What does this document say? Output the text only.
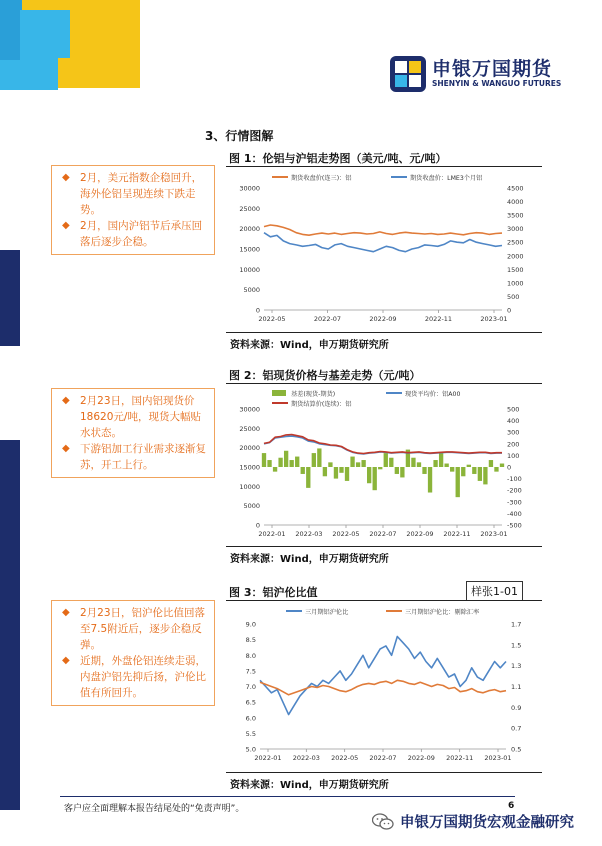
申银万国期货
SHENYIN & WANGUO FUTURES
3、行情图解
◆ 2月，美元指数企稳回升，海外伦铝呈现连续下跌走势。
◆ 2月，国内沪铝节后承压回落后逐步企稳。
图 1：伦铝与沪铝走势图（美元/吨、元/吨）
期货收盘价(连三)：铝	期货收盘价：LME3个月铝
30000
25000
20000
15000
10000
5000
0
4500
4000
3500
3000
2500
2000
1500
1000
500
0
2022-05	2022-07	2022-09	2022-11	2023-01
资料来源：Wind，申万期货研究所
◆ 2月23日，国内铝现货价18620元/吨，现货大幅贴水状态。
◆ 下游铝加工行业需求逐渐复苏，开工上行。
图 2：铝现货价格与基差走势（元/吨）
基差(现货-期货)	现货平均价：铝A00
期货结算价(连续)：铝
30000
25000
20000
15000
10000
5000
0
500
400
300
200
100
0
-100
-200
-300
-400
-500
2022-01 2022-03 2022-05 2022-07 2022-09 2022-11 2023-01
资料来源：Wind，申万期货研究所
◆ 2月23日，铝沪伦比值回落至7.5附近后，逐步企稳反弹。
◆ 近期，外盘伦铝连续走弱，内盘沪铝先抑后扬，沪伦比值有所回升。
图 3：铝沪伦比值	样张1-01
三月期铝沪伦比	三月期铝沪伦比：剔除汇率
9.0
8.5
8.0
7.5
7.0
6.5
6.0
5.5
5.0
1.7
1.5
1.3
1.1
0.9
0.7
0.5
2022-01 2022-03 2022-05 2022-07 2022-09 2022-11 2023-01
资料来源：Wind，申万期货研究所
客户应全面理解本报告结尾处的“免责声明”。	6
申银万国期货宏观金融研究
